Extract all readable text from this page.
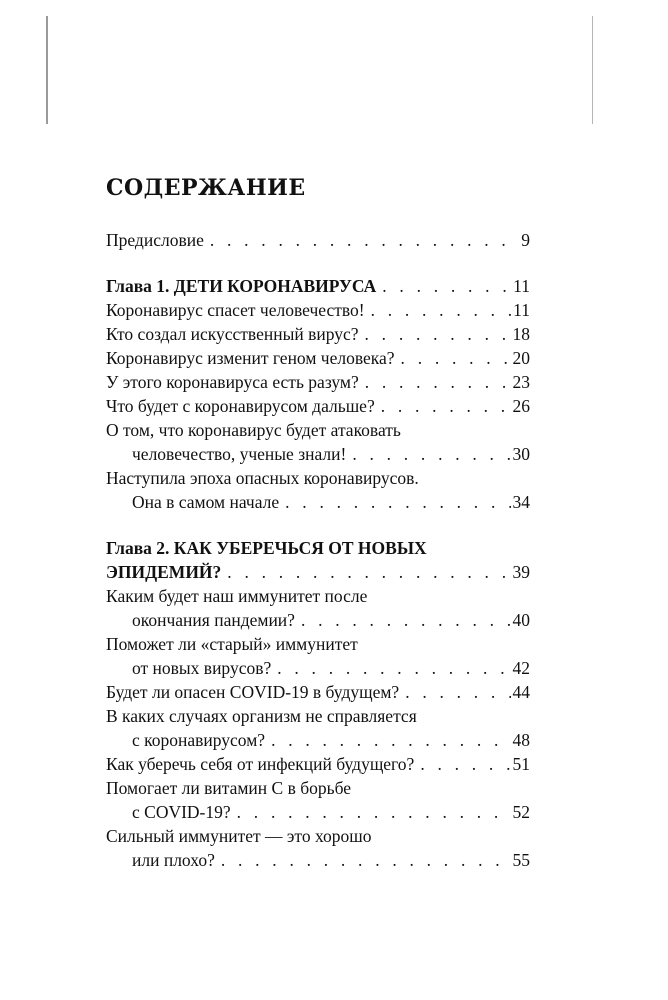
СОДЕРЖАНИЕ
Предисловие . . .	9
Глава 1. ДЕТИ КОРОНАВИРУСА . . .	11
Коронавирус спасет человечество! . . .	11
Кто создал искусственный вирус? . . .	18
Коронавирус изменит геном человека? . . .	20
У этого коронавируса есть разум? . . .	23
Что будет с коронавирусом дальше? . . .	26
О том, что коронавирус будет атаковать
человечество, ученые знали! . . .	30
Наступила эпоха опасных коронавирусов.
Она в самом начале . . .	34
Глава 2. КАК УБЕРЕЧЬСЯ ОТ НОВЫХ
ЭПИДЕМИЙ? . . .	39
Каким будет наш иммунитет после
окончания пандемии? . . .	40
Поможет ли «старый» иммунитет
от новых вирусов? . . .	42
Будет ли опасен COVID-19 в будущем? . . .	44
В каких случаях организм не справляется
с коронавирусом? . . .	48
Как уберечь себя от инфекций будущего? . . .	51
Помогает ли витамин С в борьбе
с COVID-19? . . .	52
Сильный иммунитет — это хорошо
или плохо? . . .	55
